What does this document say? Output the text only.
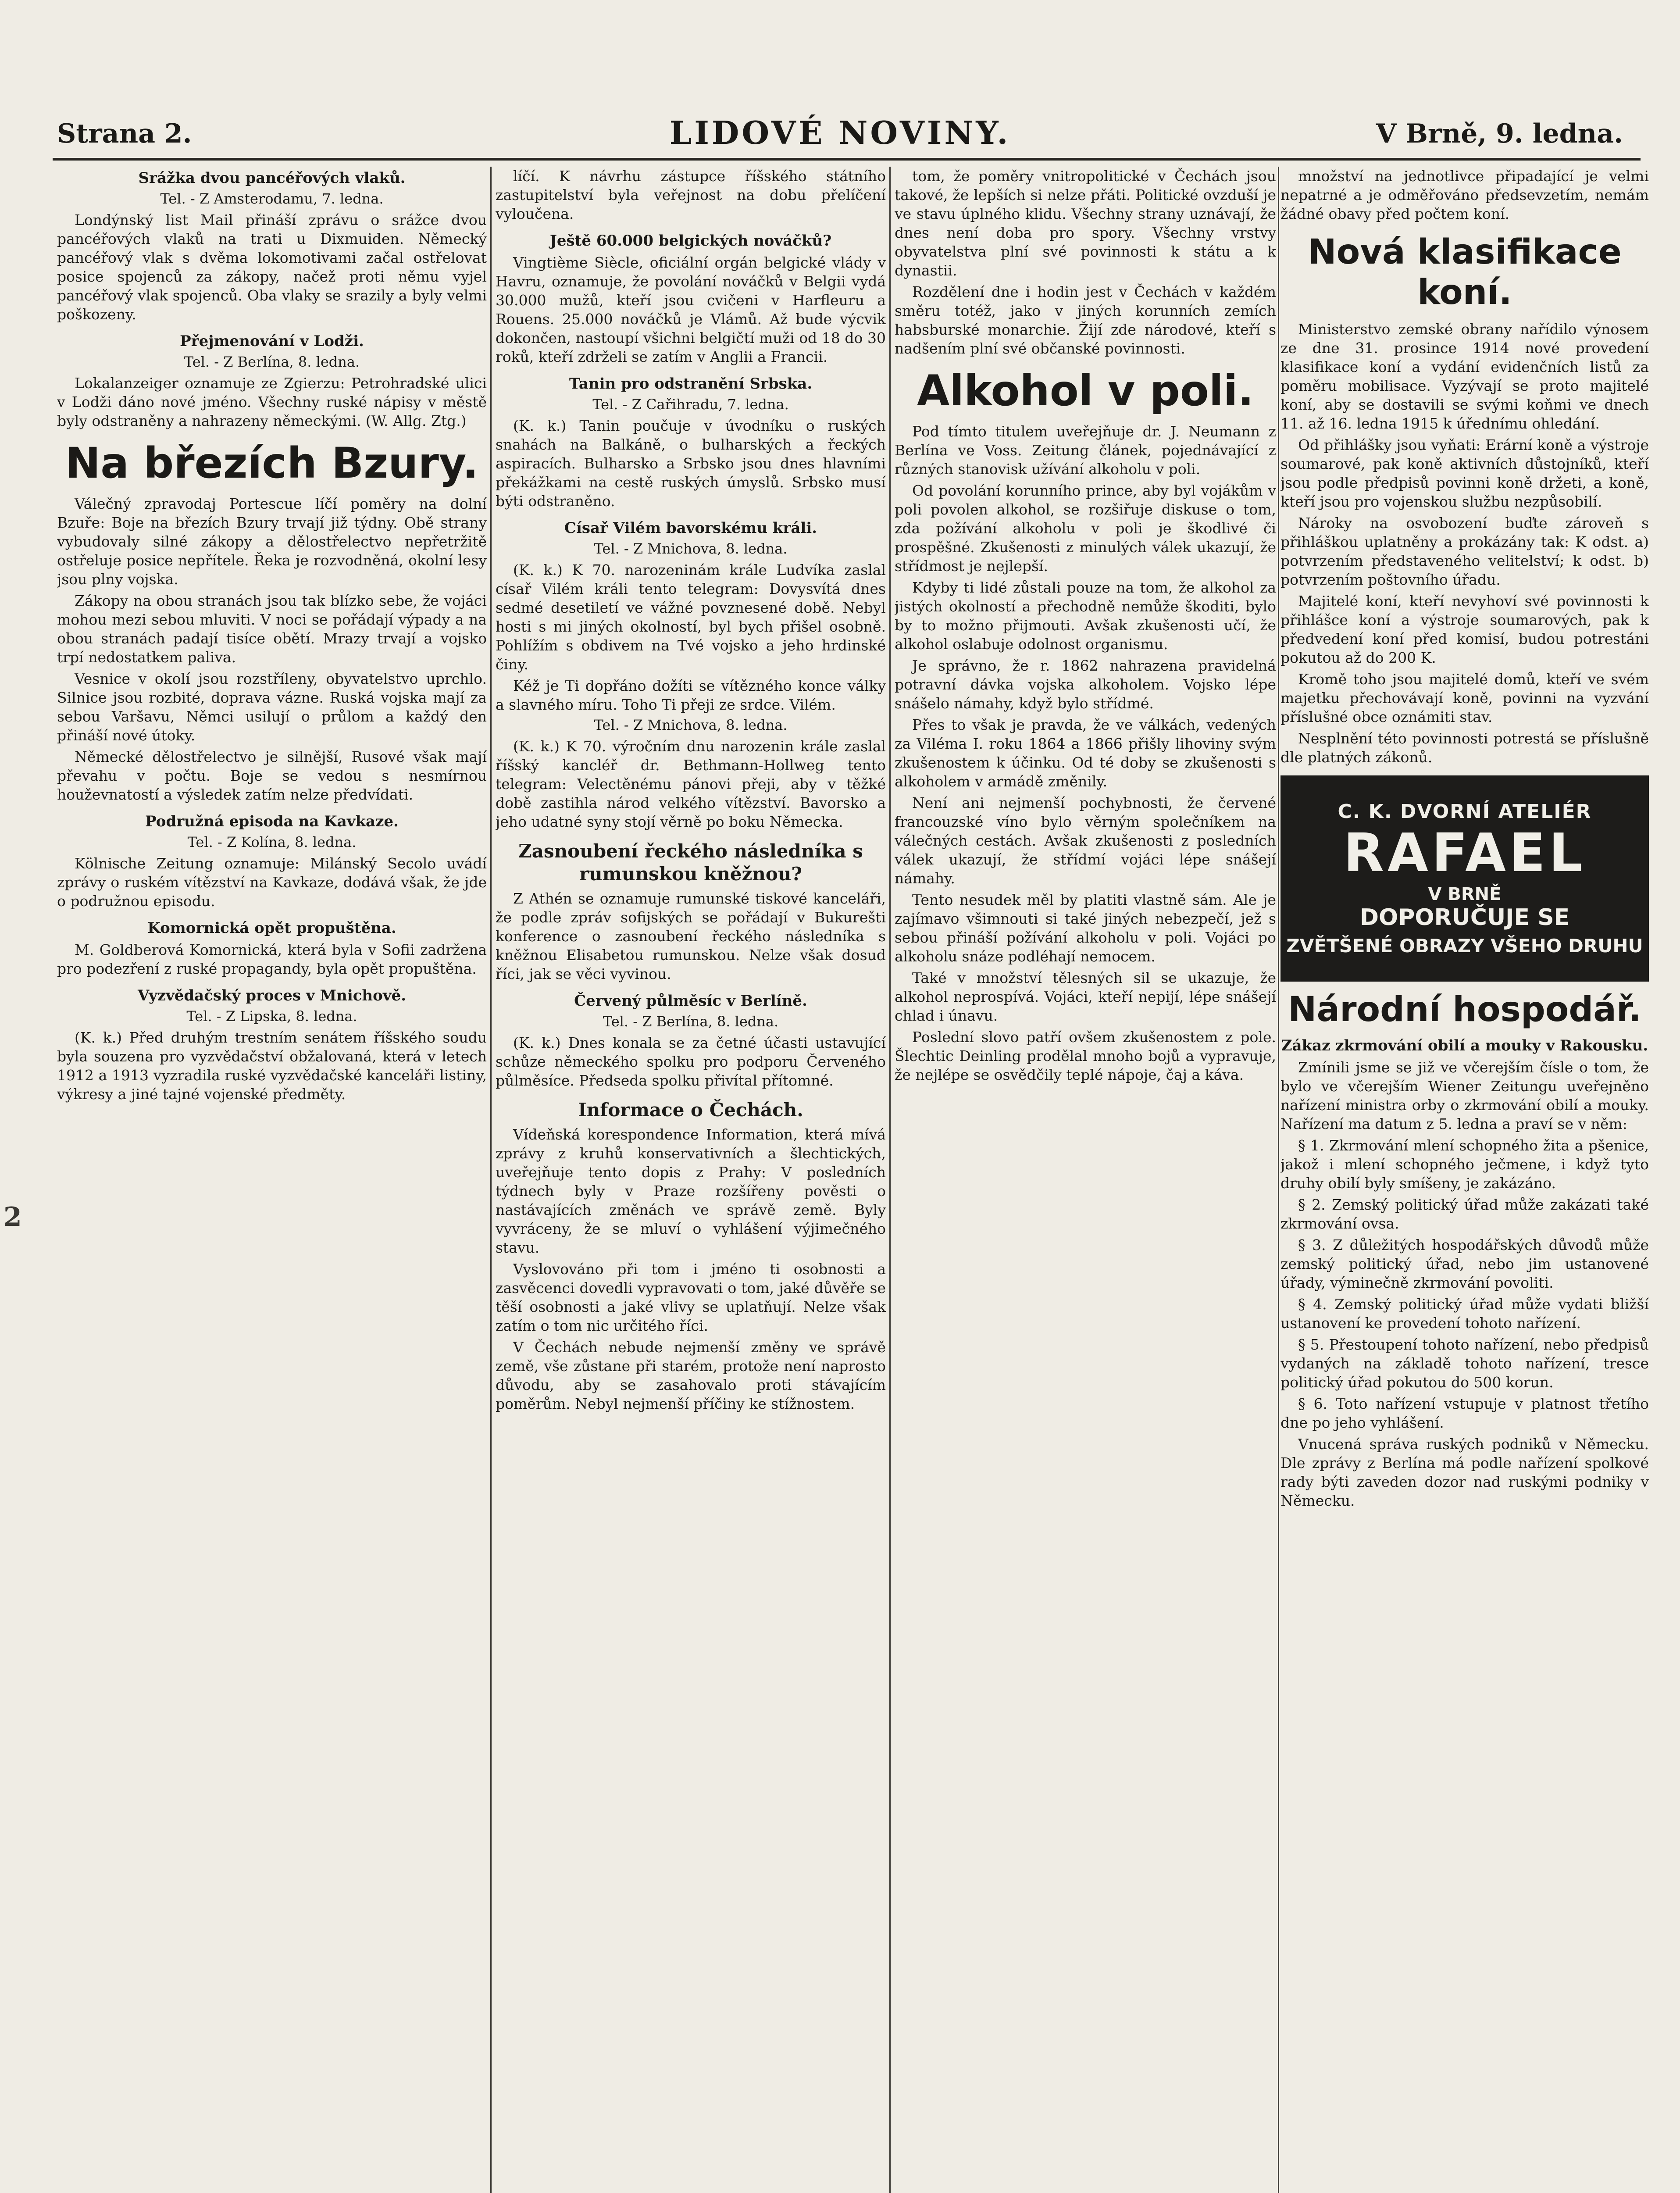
Strana 2.	LIDOVÉ NOVINY.	V Brně, 9. ledna.
2
Srážka dvou pancéřových vlaků.
Tel. - Z Amsterodamu, 7. ledna.

Londýnský list Mail přináší zprávu o srážce dvou pancéřových vlaků na trati u Dixmuiden. Německý pancéřový vlak s dvěma lokomotivami začal ostřelovat posice spojenců za zákopy, načež proti němu vyjel pancéřový vlak spojenců. Oba vlaky se srazily a byly velmi poškozeny.

Přejmenování v Lodži.
Tel. - Z Berlína, 8. ledna.

Lokalanzeiger oznamuje ze Zgierzu: Petrohradské ulici v Lodži dáno nové jméno. Všechny ruské nápisy v městě byly odstraněny a nahrazeny německými. (W. Allg. Ztg.)

Na březích Bzury.

Válečný zpravodaj Portescue líčí poměry na dolní Bzuře: Boje na březích Bzury trvají již týdny. Obě strany vybudovaly silné zákopy a dělostřelectvo nepřetržitě ostřeluje posice nepřítele. Řeka je rozvodněná, okolní lesy jsou plny vojska.

Zákopy na obou stranách jsou tak blízko sebe, že vojáci mohou mezi sebou mluviti. V noci se pořádají výpady a na obou stranách padají tisíce obětí. Mrazy trvají a vojsko trpí nedostatkem paliva.

Vesnice v okolí jsou rozstříleny, obyvatelstvo uprchlo. Silnice jsou rozbité, doprava vázne. Ruská vojska mají za sebou Varšavu, Němci usilují o průlom a každý den přináší nové útoky.

Německé dělostřelectvo je silnější, Rusové však mají převahu v počtu. Boje se vedou s nesmírnou houževnatostí a výsledek zatím nelze předvídati.

Podružná episoda na Kavkaze.
Tel. - Z Kolína, 8. ledna.

Kölnische Zeitung oznamuje: Milánský Secolo uvádí zprávy o ruském vítězství na Kavkaze, dodává však, že jde o podružnou episodu.

Komornická opět propuštěna.

M. Goldberová Komornická, která byla v Sofii zadržena pro podezření z ruské propagandy, byla opět propuštěna.

Vyzvědačský proces v Mnichově.
Tel. - Z Lipska, 8. ledna.

(K. k.) Před druhým trestním senátem říšského soudu byla souzena pro vyzvědačství obžalovaná, která v letech 1912 a 1913 vyzradila ruské vyzvědačské kanceláři listiny, výkresy a jiné tajné vojenské předměty.

líčí. K návrhu zástupce říšského státního zastupitelství byla veřejnost na dobu přelíčení vyloučena.

Ještě 60.000 belgických nováčků?

Vingtième Siècle, oficiální orgán belgické vlády v Havru, oznamuje, že povolání nováčků v Belgii vydá 30.000 mužů, kteří jsou cvičeni v Harfleuru a Rouens. 25.000 nováčků je Vlámů. Až bude výcvik dokončen, nastoupí všichni belgičtí muži od 18 do 30 roků, kteří zdrželi se zatím v Anglii a Francii.

Tanin pro odstranění Srbska.
Tel. - Z Cařihradu, 7. ledna.

(K. k.) Tanin poučuje v úvodníku o ruských snahách na Balkáně, o bulharských a řeckých aspiracích. Bulharsko a Srbsko jsou dnes hlavními překážkami na cestě ruských úmyslů. Srbsko musí býti odstraněno.

Císař Vilém bavorskému králi.
Tel. - Z Mnichova, 8. ledna.

(K. k.) K 70. narozeninám krále Ludvíka zaslal císař Vilém králi tento telegram: Dovysvítá dnes sedmé desetiletí ve vážné povznesené době. Nebyl hosti s mi jiných okolností, byl bych přišel osobně. Pohlížím s obdivem na Tvé vojsko a jeho hrdinské činy.

Kéž je Ti dopřáno dožíti se vítězného konce války a slavného míru. Toho Ti přeji ze srdce. Vilém.

Tel. - Z Mnichova, 8. ledna.

(K. k.) K 70. výročním dnu narozenin krále zaslal říšský kancléř dr. Bethmann-Hollweg tento telegram: Velectěnému pánovi přeji, aby v těžké době zastihla národ velkého vítězství. Bavorsko a jeho udatné syny stojí věrně po boku Německa.

Zasnoubení řeckého následníka s rumunskou kněžnou?

Z Athén se oznamuje rumunské tiskové kanceláři, že podle zpráv sofijských se pořádají v Bukurešti konference o zasnoubení řeckého následníka s kněžnou Elisabetou rumunskou. Nelze však dosud říci, jak se věci vyvinou.

Červený půlměsíc v Berlíně.
Tel. - Z Berlína, 8. ledna.

(K. k.) Dnes konala se za četné účasti ustavující schůze německého spolku pro podporu Červeného půlměsíce. Předseda spolku přivítal přítomné.

Informace o Čechách.

Vídeňská korespondence Information, která mívá zprávy z kruhů konservativních a šlechtických, uveřejňuje tento dopis z Prahy: V posledních týdnech byly v Praze rozšířeny pověsti o nastávajících změnách ve správě země. Byly vyvráceny, že se mluví o vyhlášení výjimečného stavu.

Vyslovováno při tom i jméno ti osobnosti a zasvěcenci dovedli vypravovati o tom, jaké důvěře se těší osobnosti a jaké vlivy se uplatňují. Nelze však zatím o tom nic určitého říci.

V Čechách nebude nejmenší změny ve správě země, vše zůstane při starém, protože není naprosto důvodu, aby se zasahovalo proti stávajícím poměrům. Nebyl nejmenší příčiny ke stížnostem.

tom, že poměry vnitropolitické v Čechách jsou takové, že lepších si nelze přáti. Politické ovzduší je ve stavu úplného klidu. Všechny strany uznávají, že dnes není doba pro spory. Všechny vrstvy obyvatelstva plní své povinnosti k státu a k dynastii.

Rozdělení dne i hodin jest v Čechách v každém směru totéž, jako v jiných korunních zemích habsburské monarchie. Žijí zde národové, kteří s nadšením plní své občanské povinnosti.

Alkohol v poli.

Pod tímto titulem uveřejňuje dr. J. Neumann z Berlína ve Voss. Zeitung článek, pojednávající z různých stanovisk užívání alkoholu v poli.

Od povolání korunního prince, aby byl vojákům v poli povolen alkohol, se rozšiřuje diskuse o tom, zda požívání alkoholu v poli je škodlivé či prospěšné. Zkušenosti z minulých válek ukazují, že střídmost je nejlepší.

Kdyby ti lidé zůstali pouze na tom, že alkohol za jistých okolností a přechodně nemůže škoditi, bylo by to možno přijmouti. Avšak zkušenosti učí, že alkohol oslabuje odolnost organismu.

Je správno, že r. 1862 nahrazena pravidelná potravní dávka vojska alkoholem. Vojsko lépe snášelo námahy, když bylo střídmé.

Přes to však je pravda, že ve válkách, vedených za Viléma I. roku 1864 a 1866 přišly lihoviny svým zkušenostem k účinku. Od té doby se zkušenosti s alkoholem v armádě změnily.

Není ani nejmenší pochybnosti, že červené francouzské víno bylo věrným společníkem na válečných cestách. Avšak zkušenosti z posledních válek ukazují, že střídmí vojáci lépe snášejí námahy.

Tento nesudek měl by platiti vlastně sám. Ale je zajímavo všimnouti si také jiných nebezpečí, jež s sebou přináší požívání alkoholu v poli. Vojáci po alkoholu snáze podléhají nemocem.

Také v množství tělesných sil se ukazuje, že alkohol neprospívá. Vojáci, kteří nepijí, lépe snášejí chlad i únavu.

Poslední slovo patří ovšem zkušenostem z pole. Šlechtic Deinling prodělal mnoho bojů a vypravuje, že nejlépe se osvědčily teplé nápoje, čaj a káva.

množství na jednotlivce připadající je velmi nepatrné a je odměřováno předsevzetím, nemám žádné obavy před počtem koní.

Nová klasifikace koní.

Ministerstvo zemské obrany nařídilo výnosem ze dne 31. prosince 1914 nové provedení klasifikace koní a vydání evidenčních listů za poměru mobilisace. Vyzývají se proto majitelé koní, aby se dostavili se svými koňmi ve dnech 11. až 16. ledna 1915 k úřednímu ohledání.

Od přihlášky jsou vyňati: Erární koně a výstroje soumarové, pak koně aktivních důstojníků, kteří jsou podle předpisů povinni koně držeti, a koně, kteří jsou pro vojenskou službu nezpůsobilí.

Nároky na osvobození buďte zároveň s přihláškou uplatněny a prokázány tak: K odst. a) potvrzením představeného velitelství; k odst. b) potvrzením poštovního úřadu.

Majitelé koní, kteří nevyhoví své povinnosti k přihlášce koní a výstroje soumarových, pak k předvedení koní před komisí, budou potrestáni pokutou až do 200 K.

Kromě toho jsou majitelé domů, kteří ve svém majetku přechovávají koně, povinni na vyzvání příslušné obce oznámiti stav.

Nesplnění této povinnosti potrestá se příslušně dle platných zákonů.

C. K. DVORNÍ ATELIÉR
RAFAEL
V BRNĚ
DOPORUČUJE SE
ZVĚTŠENÉ OBRAZY VŠEHO DRUHU
Národní hospodář.
Zákaz zkrmování obilí a mouky v Rakousku.

Zmínili jsme se již ve včerejším čísle o tom, že bylo ve včerejším Wiener Zeitungu uveřejněno nařízení ministra orby o zkrmování obilí a mouky. Nařízení ma datum z 5. ledna a praví se v něm:

§ 1. Zkrmování mlení schopného žita a pšenice, jakož i mlení schopného ječmene, i když tyto druhy obilí byly smíšeny, je zakázáno.

§ 2. Zemský politický úřad může zakázati také zkrmování ovsa.

§ 3. Z důležitých hospodářských důvodů může zemský politický úřad, nebo jim ustanovené úřady, výminečně zkrmování povoliti.

§ 4. Zemský politický úřad může vydati bližší ustanovení ke provedení tohoto nařízení.

§ 5. Přestoupení tohoto nařízení, nebo předpisů vydaných na základě tohoto nařízení, tresce politický úřad pokutou do 500 korun.

§ 6. Toto nařízení vstupuje v platnost třetího dne po jeho vyhlášení.

Vnucená správa ruských podniků v Německu. Dle zprávy z Berlína má podle nařízení spolkové rady býti zaveden dozor nad ruskými podniky v Německu.
